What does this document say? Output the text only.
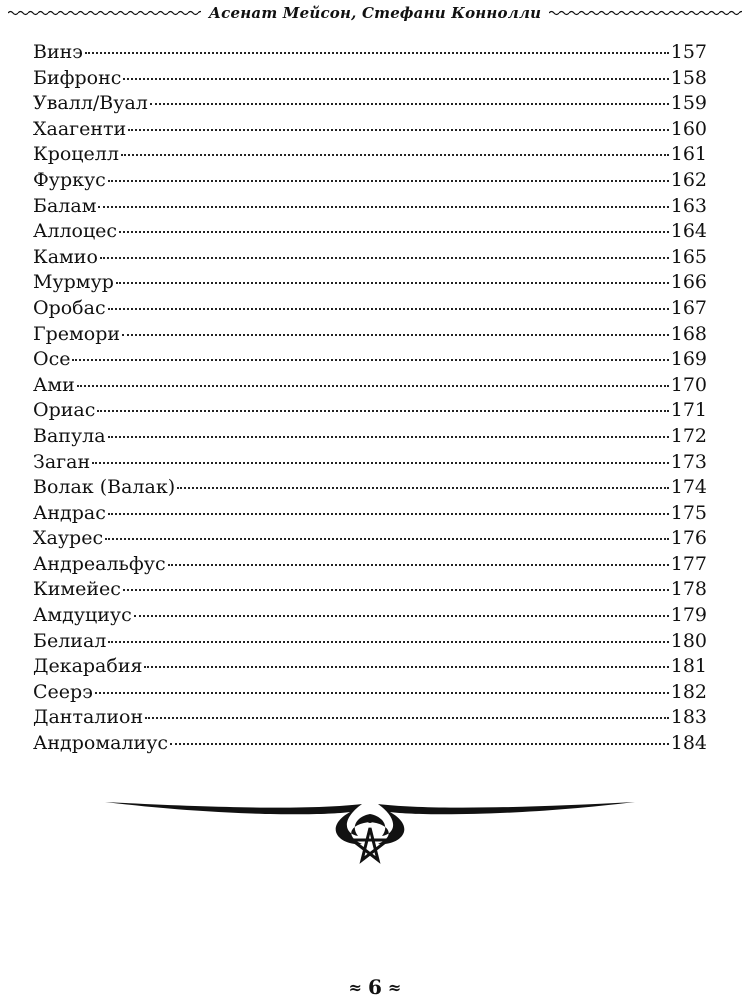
Асенат Мейсон, Стефани Коннолли
Винэ	157
Бифронс	158
Увалл/Вуал	159
Хаагенти	160
Кроцелл	161
Фуркус	162
Балам	163
Аллоцес	164
Камио	165
Мурмур	166
Оробас	167
Гремори	168
Осе	169
Ами	170
Ориас	171
Вапула	172
Заган	173
Волак (Валак)	174
Андрас	175
Хаурес	176
Андреальфус	177
Кимейес	178
Амдуциус	179
Белиал	180
Декарабия	181
Сеерэ	182
Данталион	183
Андромалиус	184
≈ 6 ≈
